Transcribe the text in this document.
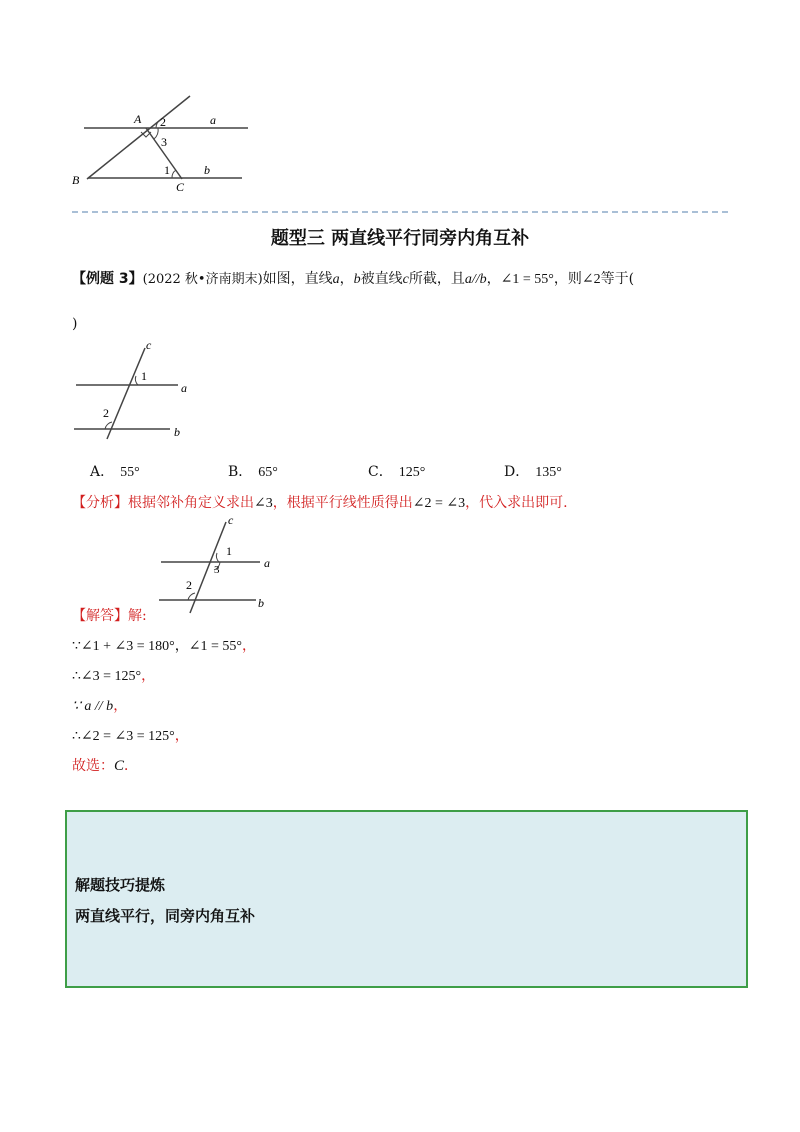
A 2	a
3
1	b
B	C
题型三 两直线平行同旁内角互补
【例题 3】(2022 秋•济南期末)如图，直线a，b被直线c所截，且a//b，∠1 = 55°，则∠2等于(
)
c
1
a
2
b
A． 55°	B． 65°	C． 125°	D． 135°
【分析】根据邻补角定义求出∠3，根据平行线性质得出∠2 = ∠3，代入求出即可.
c
1
3	a
2
b
【解答】解:
∵∠1 + ∠3 = 180°，∠1 = 55°，
∴∠3 = 125°，
∵ a // b，
∴∠2 = ∠3 = 125°，
故选：C．
解题技巧提炼
两直线平行，同旁内角互补
